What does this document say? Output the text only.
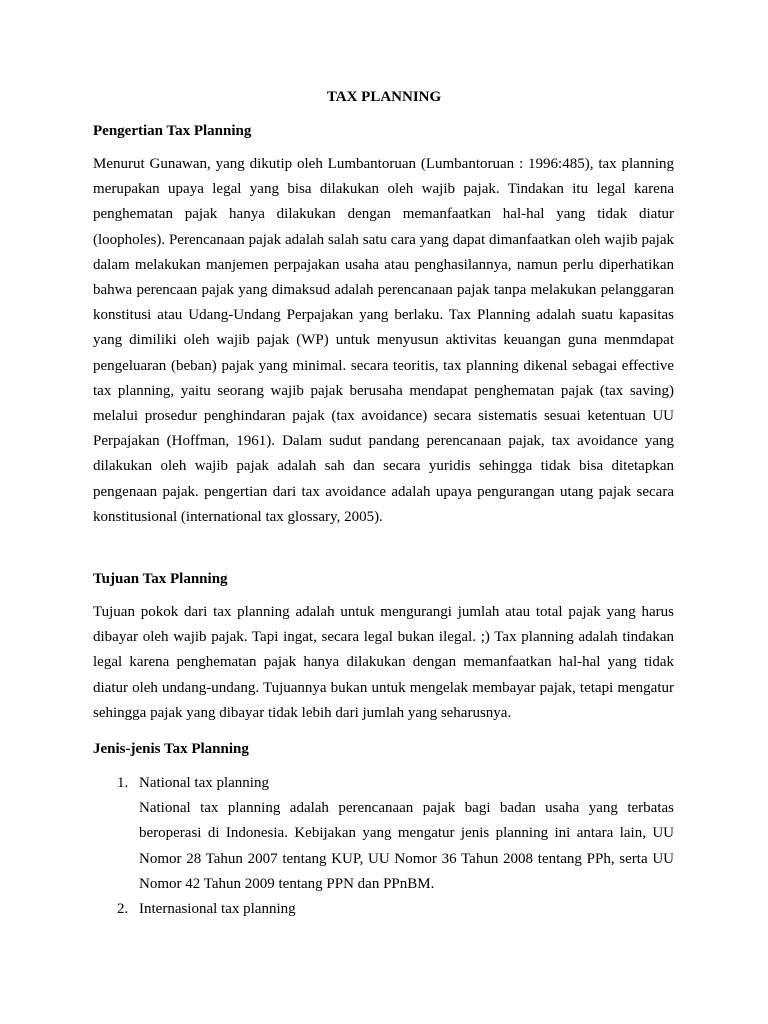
TAX PLANNING
Pengertian Tax Planning

Menurut Gunawan, yang dikutip oleh Lumbantoruan (Lumbantoruan : 1996:485), tax planning merupakan upaya legal yang bisa dilakukan oleh wajib pajak. Tindakan itu legal karena penghematan pajak hanya dilakukan dengan memanfaatkan hal-hal yang tidak diatur (loopholes). Perencanaan pajak adalah salah satu cara yang dapat dimanfaatkan oleh wajib pajak dalam melakukan manjemen perpajakan usaha atau penghasilannya, namun perlu diperhatikan bahwa perencaan pajak yang dimaksud adalah perencanaan pajak tanpa melakukan pelanggaran konstitusi atau Udang-Undang Perpajakan yang berlaku. Tax Planning adalah suatu kapasitas yang dimiliki oleh wajib pajak (WP) untuk menyusun aktivitas keuangan guna menmdapat pengeluaran (beban) pajak yang minimal. secara teoritis, tax planning dikenal sebagai effective tax planning, yaitu seorang wajib pajak berusaha mendapat penghematan pajak (tax saving) melalui prosedur penghindaran pajak (tax avoidance) secara sistematis sesuai ketentuan UU Perpajakan (Hoffman, 1961). Dalam sudut pandang perencanaan pajak, tax avoidance yang dilakukan oleh wajib pajak adalah sah dan secara yuridis sehingga tidak bisa ditetapkan pengenaan pajak. pengertian dari tax avoidance adalah upaya pengurangan utang pajak secara konstitusional (international tax glossary, 2005).

Tujuan Tax Planning

Tujuan pokok dari tax planning adalah untuk mengurangi jumlah atau total pajak yang harus dibayar oleh wajib pajak. Tapi ingat, secara legal bukan ilegal. ;) Tax planning adalah tindakan legal karena penghematan pajak hanya dilakukan dengan memanfaatkan hal-hal yang tidak diatur oleh undang-undang. Tujuannya bukan untuk mengelak membayar pajak, tetapi mengatur sehingga pajak yang dibayar tidak lebih dari jumlah yang seharusnya.

Jenis-jenis Tax Planning
1. National tax planning
National tax planning adalah perencanaan pajak bagi badan usaha yang terbatas beroperasi di Indonesia. Kebijakan yang mengatur jenis planning ini antara lain, UU Nomor 28 Tahun 2007 tentang KUP, UU Nomor 36 Tahun 2008 tentang PPh, serta UU Nomor 42 Tahun 2009 tentang PPN dan PPnBM.
2. Internasional tax planning
